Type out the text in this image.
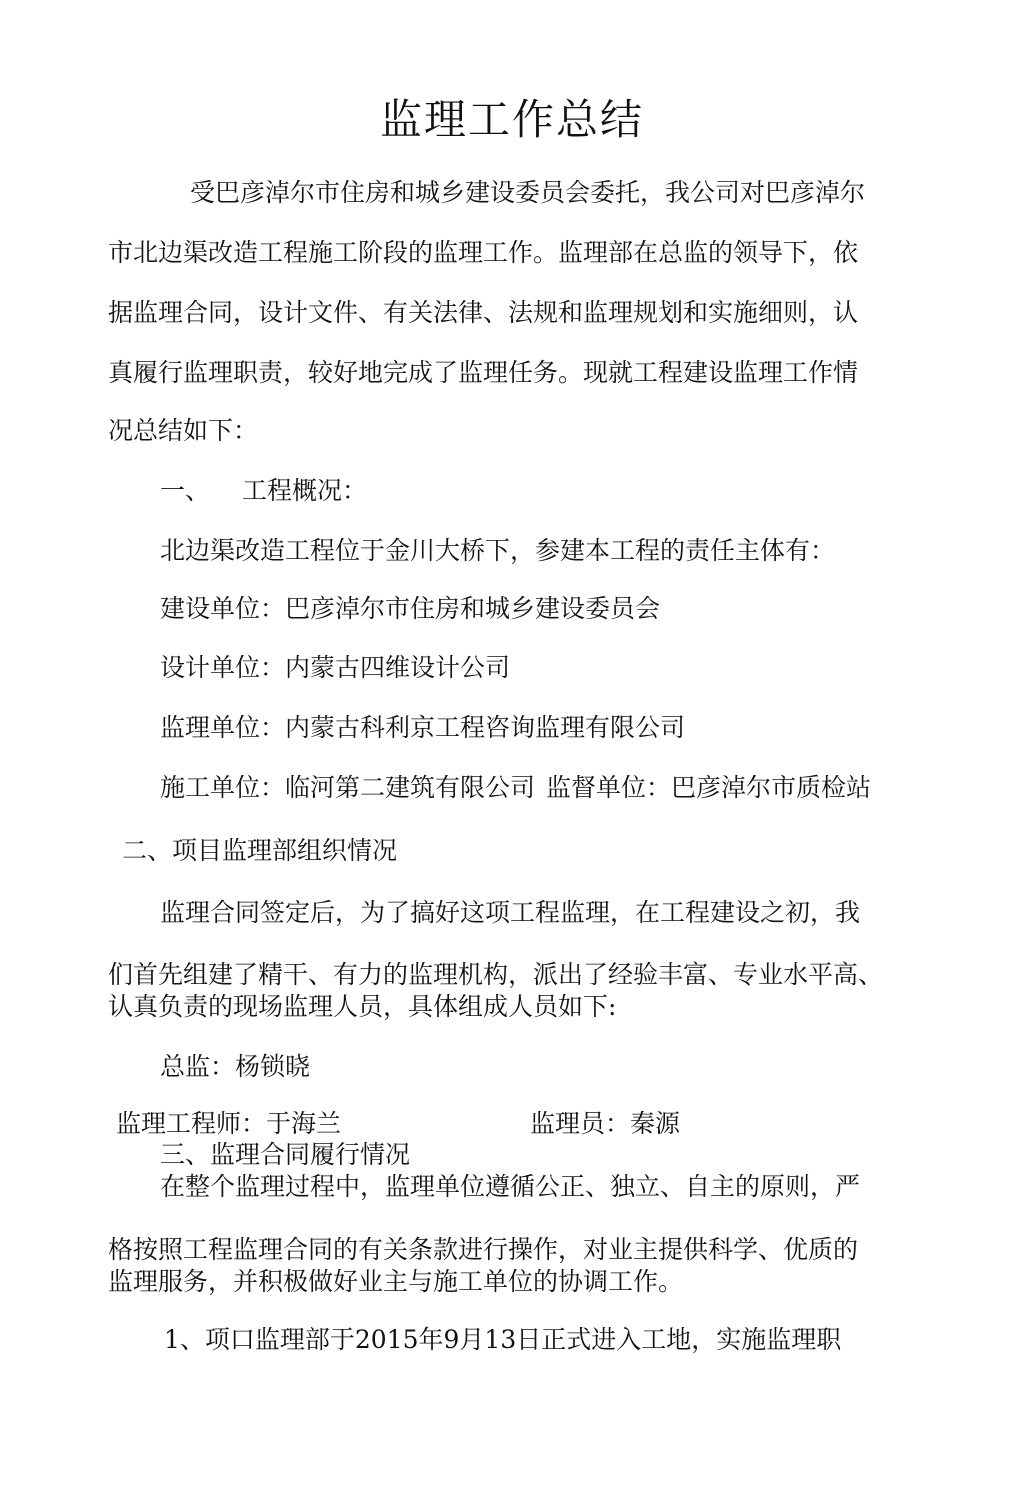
监理工作总结
受巴彦淖尔市住房和城乡建设委员会委托，我公司对巴彦淖尔
市北边渠改造工程施工阶段的监理工作。监理部在总监的领导下，依
据监理合同，设计文件、有关法律、法规和监理规划和实施细则，认
真履行监理职责，较好地完成了监理任务。现就工程建设监理工作情
况总结如下：
一、 工程概况：
北边渠改造工程位于金川大桥下，参建本工程的责任主体有：
建设单位：巴彦淖尔市住房和城乡建设委员会
设计单位：内蒙古四维设计公司
监理单位：内蒙古科利京工程咨询监理有限公司
施工单位：临河第二建筑有限公司 监督单位：巴彦淖尔市质检站
二、项目监理部组织情况
监理合同签定后，为了搞好这项工程监理，在工程建设之初，我
们首先组建了精干、有力的监理机构，派出了经验丰富、专业水平高、
认真负责的现场监理人员，具体组成人员如下:
总监：杨锁晓
监理工程师：于海兰	监理员：秦源
三、监理合同履行情况
在整个监理过程中，监理单位遵循公正、独立、自主的原则，严
格按照工程监理合同的有关条款进行操作，对业主提供科学、优质的
监理服务，并积极做好业主与施工单位的协调工作。
1、项口监理部于2015年9月13日正式进入工地，实施监理职
